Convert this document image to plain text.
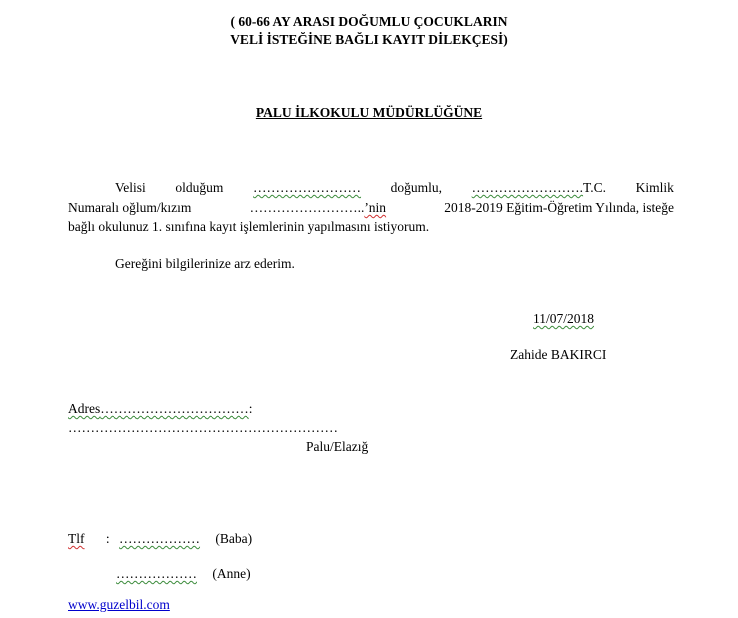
( 60-66 AY ARASI DOĞUMLU ÇOCUKLARIN
VELİ İSTEĞİNE BAĞLI KAYIT DİLEKÇESİ)
PALU İLKOKULU MÜDÜRLÜĞÜNE
Velisi olduğum …………………… doğumlu, …………………….T.C. Kimlik
Numaralı oğlum/kızım	……………………..’nin	2018-2019 Eğitim-Öğretim Yılında, isteğe
bağlı okulunuz 1. sınıfına kayıt işlemlerinin yapılmasını istiyorum.
Gereğini bilgilerinize arz ederim.
11/07/2018
Zahide BAKIRCI
Adres……………………………:
……………………………………………………
Palu/Elazığ
Tlf : ……………… (Baba)
……………… (Anne)
www.guzelbil.com
